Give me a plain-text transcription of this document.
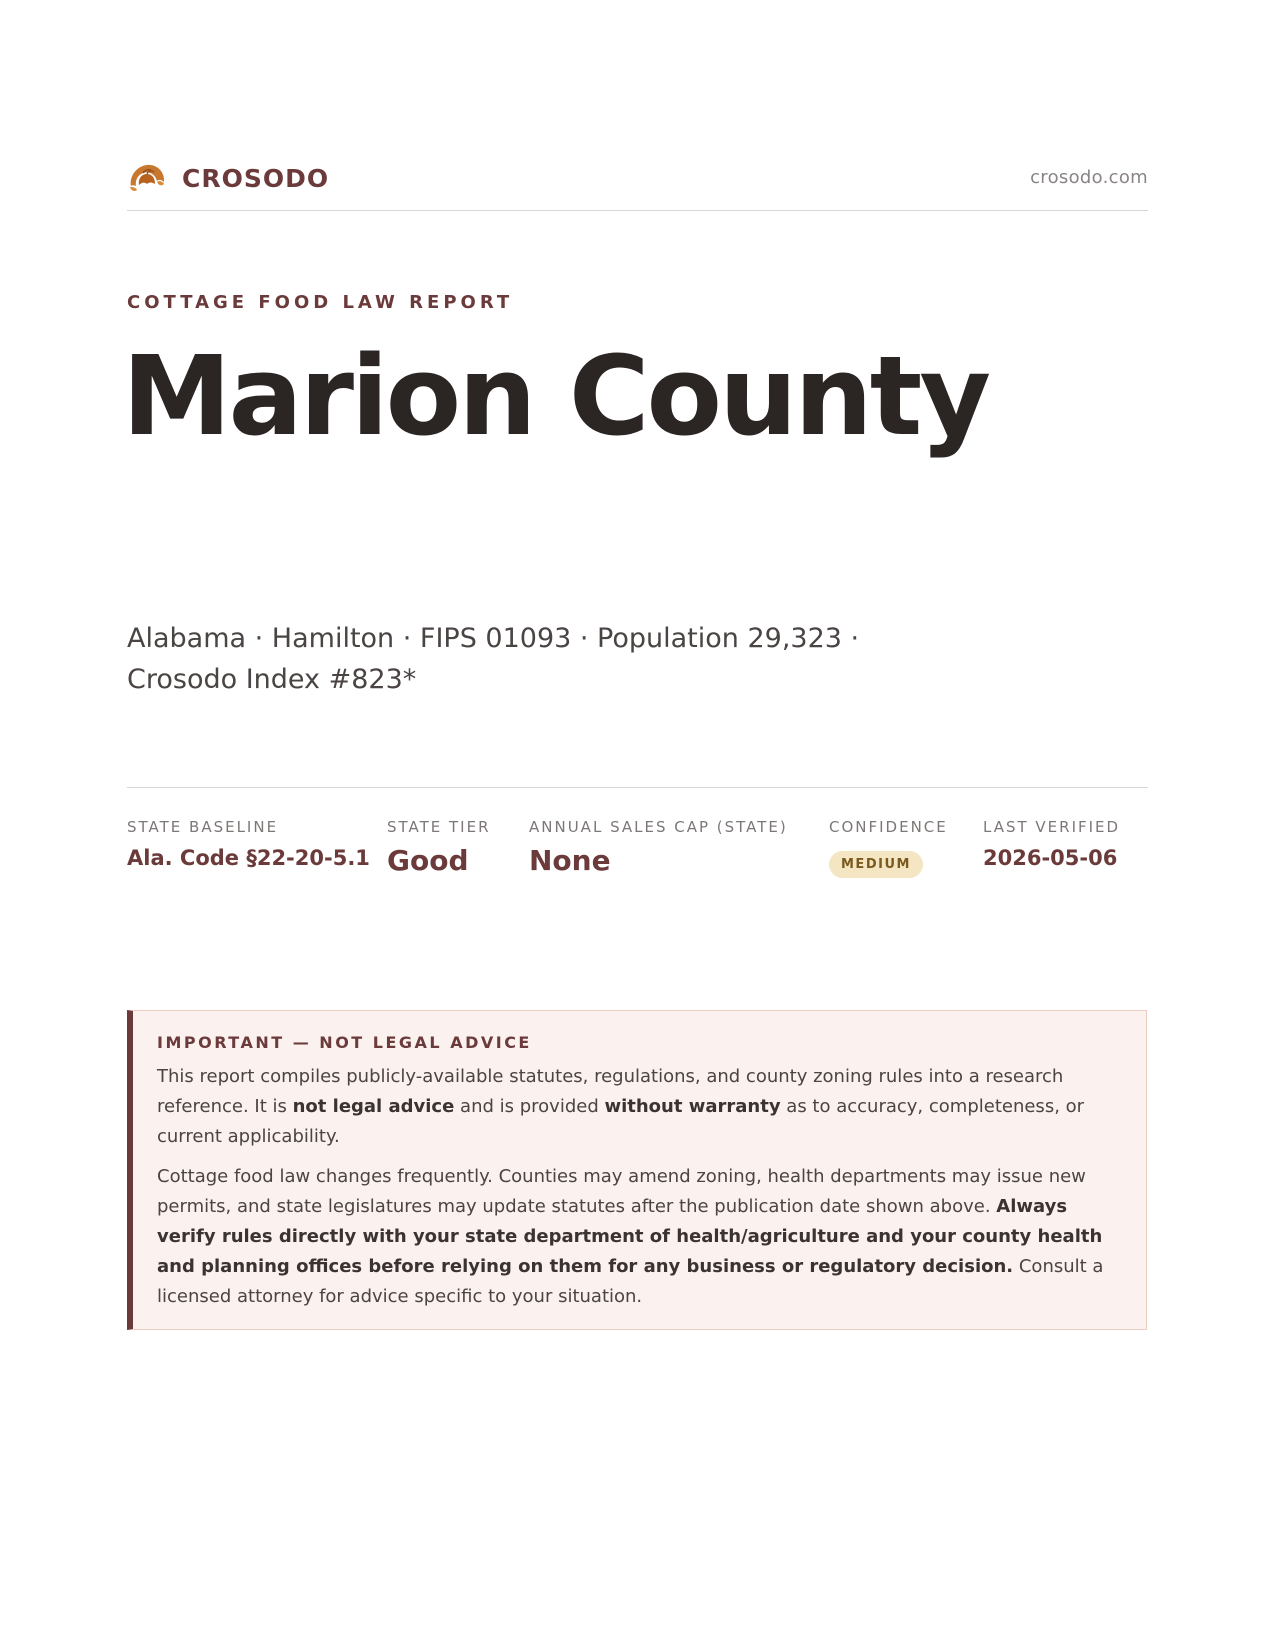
CROSODO	crosodo.com
COTTAGE FOOD LAW REPORT
Marion County
Alabama · Hamilton · FIPS 01093 · Population 29,323 ·
Crosodo Index #823*
STATE BASELINE
Ala. Code §22-20-5.1
STATE TIER
Good
ANNUAL SALES CAP (STATE)
None
CONFIDENCE
MEDIUM
LAST VERIFIED
2026-05-06
IMPORTANT — NOT LEGAL ADVICE

This report compiles publicly-available statutes, regulations, and county zoning rules into a research reference. It is not legal advice and is provided without warranty as to accuracy, completeness, or current applicability.

Cottage food law changes frequently. Counties may amend zoning, health departments may issue new permits, and state legislatures may update statutes after the publication date shown above. Always verify rules directly with your state department of health/agriculture and your county health and planning offices before relying on them for any business or regulatory decision. Consult a licensed attorney for advice specific to your situation.
